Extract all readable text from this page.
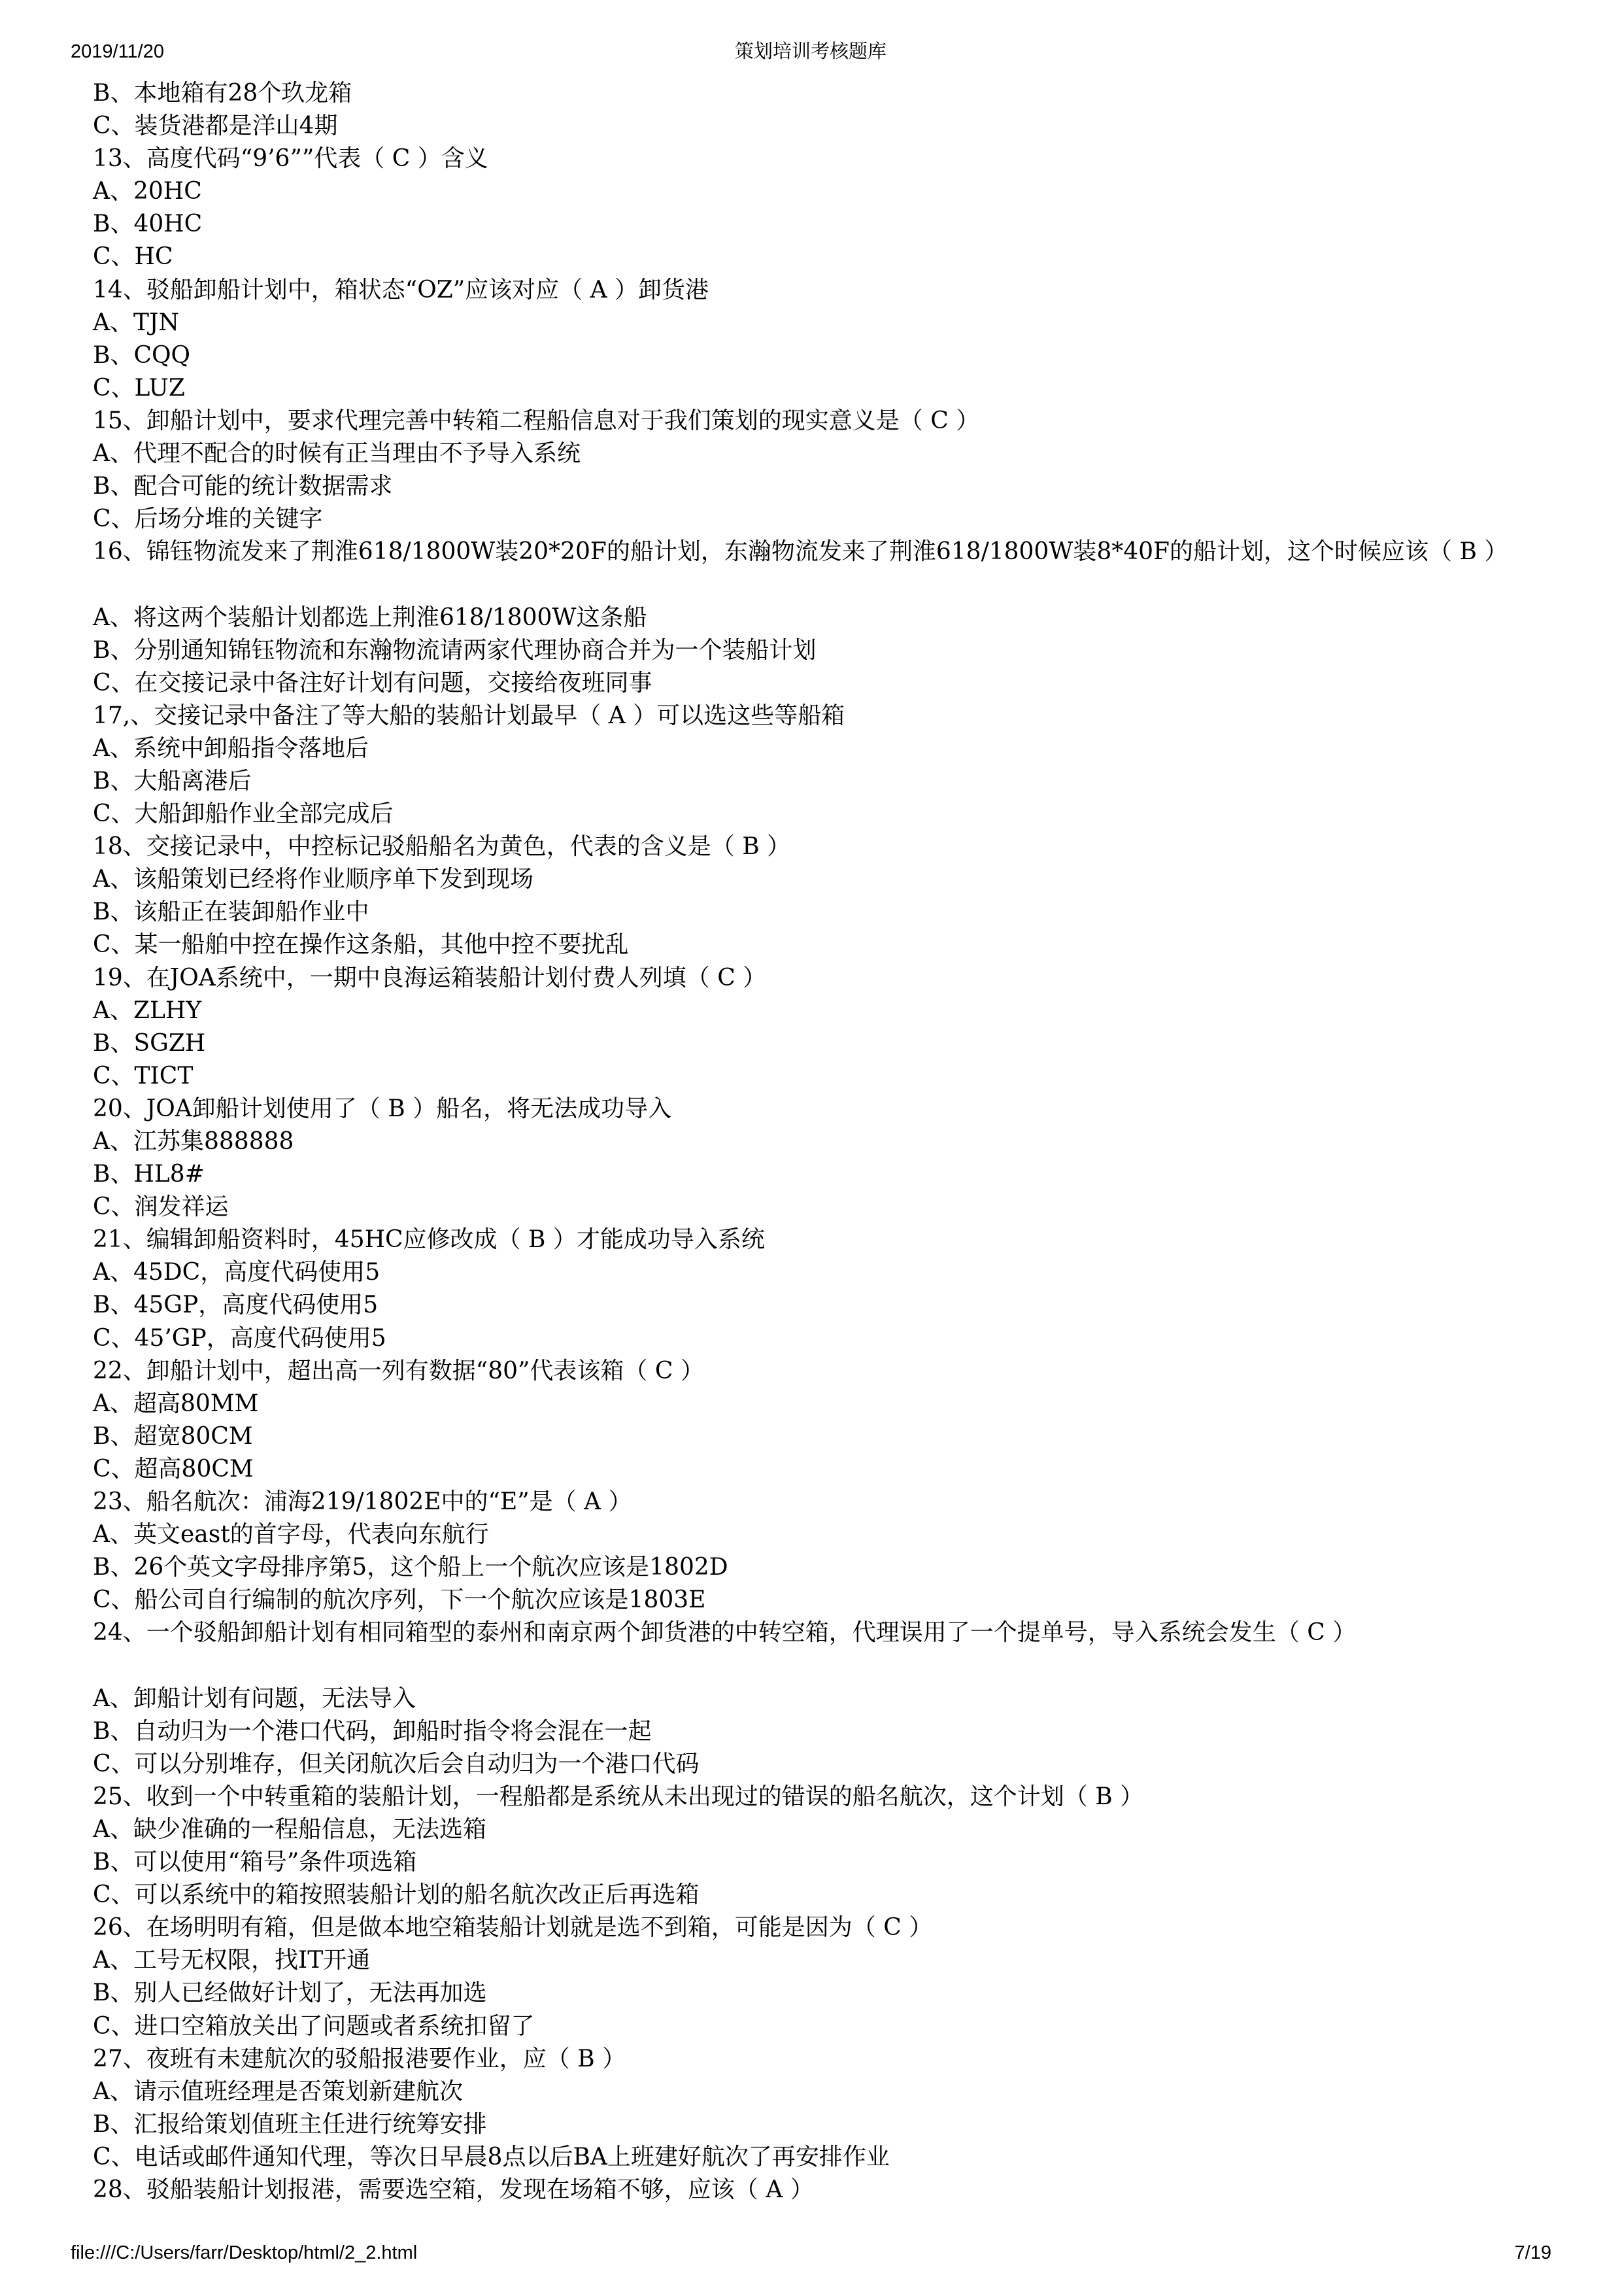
2019/11/20	策划培训考核题库
B、本地箱有28个玖龙箱
C、装货港都是洋山4期
13、高度代码“9’6””代表（ C ）含义
A、20HC
B、40HC
C、HC
14、驳船卸船计划中，箱状态“OZ”应该对应（ A ）卸货港
A、TJN
B、CQQ
C、LUZ
15、卸船计划中，要求代理完善中转箱二程船信息对于我们策划的现实意义是（ C ）
A、代理不配合的时候有正当理由不予导入系统
B、配合可能的统计数据需求
C、后场分堆的关键字
16、锦钰物流发来了荆淮618/1800W装20*20F的船计划，东瀚物流发来了荆淮618/1800W装8*40F的船计划，这个时候应该（ B ）
A、将这两个装船计划都选上荆淮618/1800W这条船
B、分别通知锦钰物流和东瀚物流请两家代理协商合并为一个装船计划
C、在交接记录中备注好计划有问题，交接给夜班同事
17,、交接记录中备注了等大船的装船计划最早（ A ）可以选这些等船箱
A、系统中卸船指令落地后
B、大船离港后
C、大船卸船作业全部完成后
18、交接记录中，中控标记驳船船名为黄色，代表的含义是（ B ）
A、该船策划已经将作业顺序单下发到现场
B、该船正在装卸船作业中
C、某一船舶中控在操作这条船，其他中控不要扰乱
19、在JOA系统中，一期中良海运箱装船计划付费人列填（ C ）
A、ZLHY
B、SGZH
C、TICT
20、JOA卸船计划使用了（ B ）船名，将无法成功导入
A、江苏集888888
B、HL8#
C、润发祥运
21、编辑卸船资料时，45HC应修改成（ B ）才能成功导入系统
A、45DC，高度代码使用5
B、45GP，高度代码使用5
C、45’GP，高度代码使用5
22、卸船计划中，超出高一列有数据“80”代表该箱（ C ）
A、超高80MM
B、超宽80CM
C、超高80CM
23、船名航次：浦海219/1802E中的“E”是（ A ）
A、英文east的首字母，代表向东航行
B、26个英文字母排序第5，这个船上一个航次应该是1802D
C、船公司自行编制的航次序列，下一个航次应该是1803E
24、一个驳船卸船计划有相同箱型的泰州和南京两个卸货港的中转空箱，代理误用了一个提单号，导入系统会发生（ C ）
A、卸船计划有问题，无法导入
B、自动归为一个港口代码，卸船时指令将会混在一起
C、可以分别堆存，但关闭航次后会自动归为一个港口代码
25、收到一个中转重箱的装船计划，一程船都是系统从未出现过的错误的船名航次，这个计划（ B ）
A、缺少准确的一程船信息，无法选箱
B、可以使用“箱号”条件项选箱
C、可以系统中的箱按照装船计划的船名航次改正后再选箱
26、在场明明有箱，但是做本地空箱装船计划就是选不到箱，可能是因为（ C ）
A、工号无权限，找IT开通
B、别人已经做好计划了，无法再加选
C、进口空箱放关出了问题或者系统扣留了
27、夜班有未建航次的驳船报港要作业，应（ B ）
A、请示值班经理是否策划新建航次
B、汇报给策划值班主任进行统筹安排
C、电话或邮件通知代理，等次日早晨8点以后BA上班建好航次了再安排作业
28、驳船装船计划报港，需要选空箱，发现在场箱不够，应该（ A ）
file:///C:/Users/farr/Desktop/html/2_2.html	7/19
